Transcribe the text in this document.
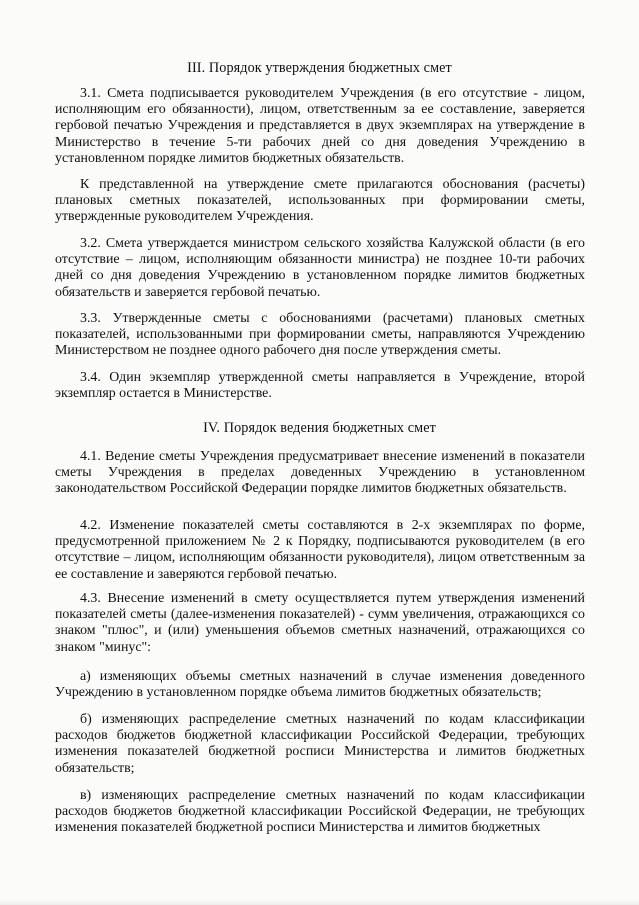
III. Порядок утверждения бюджетных смет

3.1. Смета подписывается руководителем Учреждения (в его отсутствие - лицом, исполняющим его обязанности), лицом, ответственным за ее составление, заверяется гербовой печатью Учреждения и представляется в двух экземплярах на утверждение в Министерство в течение 5-ти рабочих дней со дня доведения Учреждению в установленном порядке лимитов бюджетных обязательств.

К представленной на утверждение смете прилагаются обоснования (расчеты) плановых сметных показателей, использованных при формировании сметы, утвержденные руководителем Учреждения.

3.2. Смета утверждается министром сельского хозяйства Калужской области (в его отсутствие – лицом, исполняющим обязанности министра) не позднее 10-ти рабочих дней со дня доведения Учреждению в установленном порядке лимитов бюджетных обязательств и заверяется гербовой печатью.

3.3. Утвержденные сметы с обоснованиями (расчетами) плановых сметных показателей, использованными при формировании сметы, направляются Учреждению Министерством не позднее одного рабочего дня после утверждения сметы.

3.4. Один экземпляр утвержденной сметы направляется в Учреждение, второй экземпляр остается в Министерстве.

IV. Порядок ведения бюджетных смет

4.1. Ведение сметы Учреждения предусматривает внесение изменений в показатели сметы Учреждения в пределах доведенных Учреждению в установленном законодательством Российской Федерации порядке лимитов бюджетных обязательств.

4.2. Изменение показателей сметы составляются в 2-х экземплярах по форме, предусмотренной приложением № 2 к Порядку, подписываются руководителем (в его отсутствие – лицом, исполняющим обязанности руководителя), лицом ответственным за ее составление и заверяются гербовой печатью.

4.3. Внесение изменений в смету осуществляется путем утверждения изменений показателей сметы (далее-изменения показателей) - сумм увеличения, отражающихся со знаком "плюс", и (или) уменьшения объемов сметных назначений, отражающихся со знаком "минус":

а) изменяющих объемы сметных назначений в случае изменения доведенного Учреждению в установленном порядке объема лимитов бюджетных обязательств;

б) изменяющих распределение сметных назначений по кодам классификации расходов бюджетов бюджетной классификации Российской Федерации, требующих изменения показателей бюджетной росписи Министерства и лимитов бюджетных обязательств;

в) изменяющих распределение сметных назначений по кодам классификации расходов бюджетов бюджетной классификации Российской Федерации, не требующих изменения показателей бюджетной росписи Министерства и лимитов бюджетных
